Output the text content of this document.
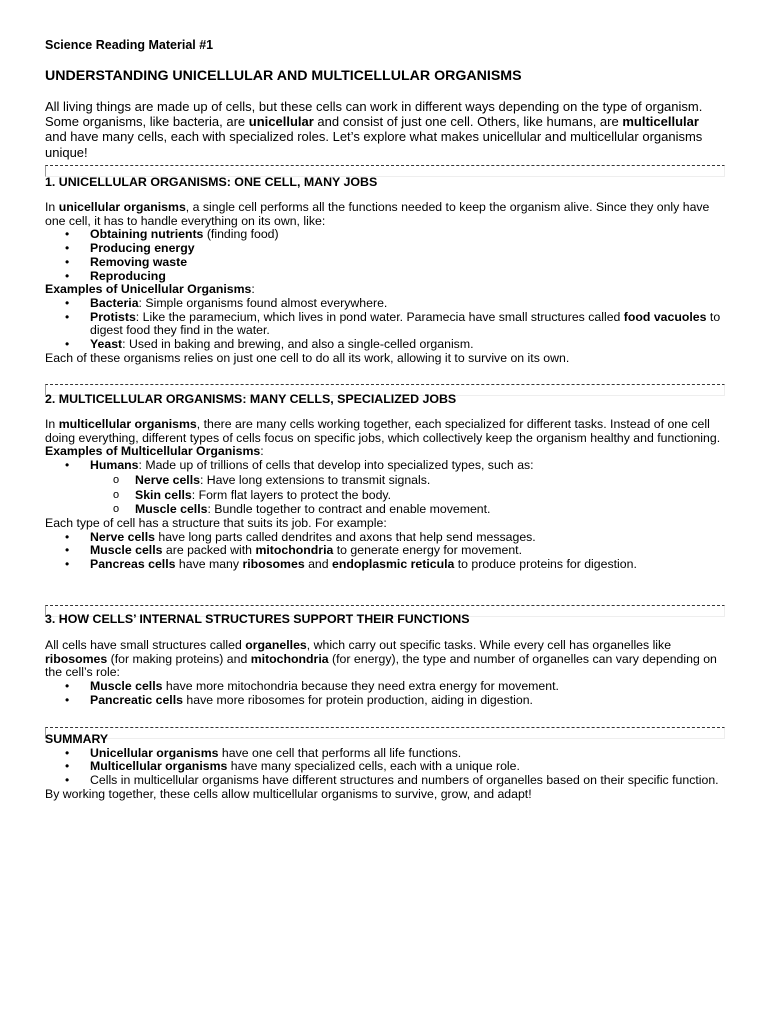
Science Reading Material #1
UNDERSTANDING UNICELLULAR AND MULTICELLULAR ORGANISMS

All living things are made up of cells, but these cells can work in different ways depending on the type of organism. Some organisms, like bacteria, are unicellular and consist of just one cell. Others, like humans, are multicellular and have many cells, each with specialized roles. Let’s explore what makes unicellular and multicellular organisms unique!

1. UNICELLULAR ORGANISMS: ONE CELL, MANY JOBS

In unicellular organisms, a single cell performs all the functions needed to keep the organism alive. Since they only have one cell, it has to handle everything on its own, like:

• Obtaining nutrients (finding food)
• Producing energy
• Removing waste
• Reproducing

Examples of Unicellular Organisms:

• Bacteria: Simple organisms found almost everywhere.
• Protists: Like the paramecium, which lives in pond water. Paramecia have small structures called food vacuoles to digest food they find in the water.
• Yeast: Used in baking and brewing, and also a single-celled organism.

Each of these organisms relies on just one cell to do all its work, allowing it to survive on its own.

2. MULTICELLULAR ORGANISMS: MANY CELLS, SPECIALIZED JOBS

In multicellular organisms, there are many cells working together, each specialized for different tasks. Instead of one cell doing everything, different types of cells focus on specific jobs, which collectively keep the organism healthy and functioning.

Examples of Multicellular Organisms:

• Humans: Made up of trillions of cells that develop into specialized types, such as:
o Nerve cells: Have long extensions to transmit signals.
o Skin cells: Form flat layers to protect the body.
o Muscle cells: Bundle together to contract and enable movement.

Each type of cell has a structure that suits its job. For example:

• Nerve cells have long parts called dendrites and axons that help send messages.
• Muscle cells are packed with mitochondria to generate energy for movement.
• Pancreas cells have many ribosomes and endoplasmic reticula to produce proteins for digestion.
3. HOW CELLS’ INTERNAL STRUCTURES SUPPORT THEIR FUNCTIONS

All cells have small structures called organelles, which carry out specific tasks. While every cell has organelles like ribosomes (for making proteins) and mitochondria (for energy), the type and number of organelles can vary depending on the cell’s role:

• Muscle cells have more mitochondria because they need extra energy for movement.
• Pancreatic cells have more ribosomes for protein production, aiding in digestion.

SUMMARY

• Unicellular organisms have one cell that performs all life functions.
• Multicellular organisms have many specialized cells, each with a unique role.
• Cells in multicellular organisms have different structures and numbers of organelles based on their specific function.

By working together, these cells allow multicellular organisms to survive, grow, and adapt!
